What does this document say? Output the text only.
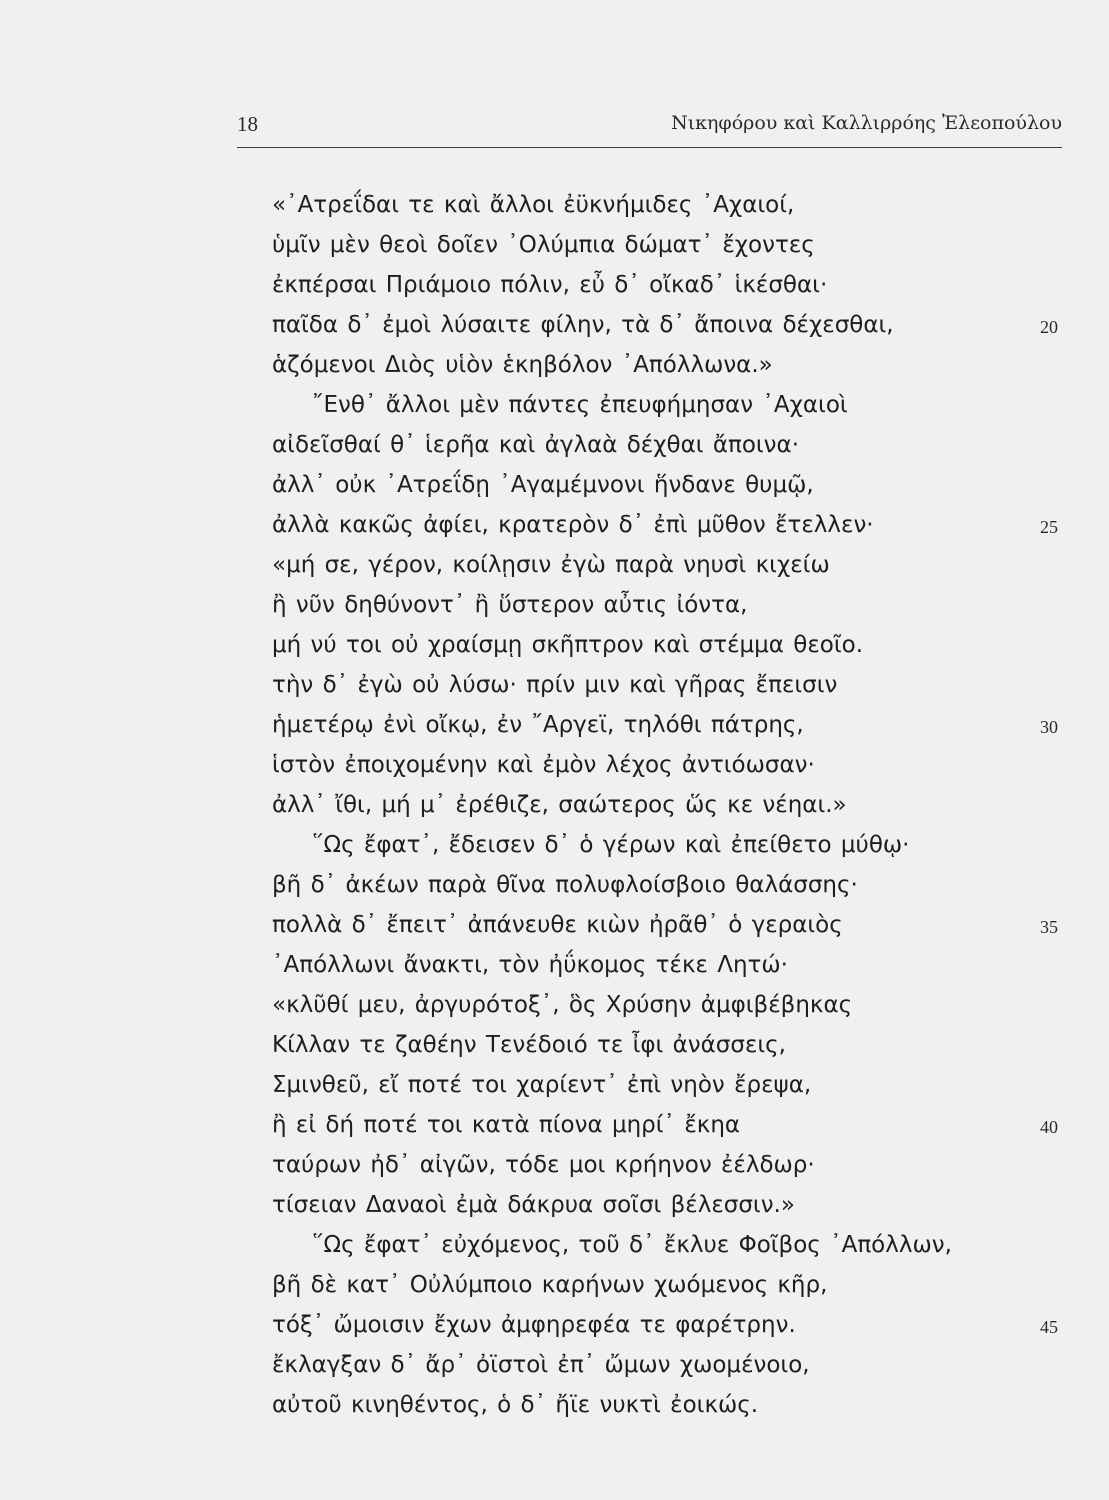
18	Νικηφόρου καὶ Καλλιρρόης Ἐλεοπούλου
«᾿Ατρεΐδαι τε καὶ ἄλλοι ἐϋκνήμιδες ᾿Αχαιοί,
ὑμῖν μὲν θεοὶ δοῖεν ᾿Ολύμπια δώματ᾿ ἔχοντες
ἐκπέρσαι Πριάμοιο πόλιν, εὖ δ᾿ οἴκαδ᾿ ἱκέσθαι·
παῖδα δ᾿ ἐμοὶ λύσαιτε φίλην, τὰ δ᾿ ἄποινα δέχεσθαι,	20
ἁζόμενοι Διὸς υἱὸν ἑκηβόλον ᾿Απόλλωνα.»
῎Ενθ᾿ ἄλλοι μὲν πάντες ἐπευφήμησαν ᾿Αχαιοὶ
αἰδεῖσθαί θ᾿ ἱερῆα καὶ ἀγλαὰ δέχθαι ἄποινα·
ἀλλ᾿ οὐκ ᾿Ατρεΐδῃ ᾿Αγαμέμνονι ἥνδανε θυμῷ,
ἀλλὰ κακῶς ἀφίει, κρατερὸν δ᾿ ἐπὶ μῦθον ἔτελλεν·	25
«μή σε, γέρον, κοίλῃσιν ἐγὼ παρὰ νηυσὶ κιχείω
ἢ νῦν δηθύνοντ᾿ ἢ ὕστερον αὖτις ἰόντα,
μή νύ τοι οὐ χραίσμῃ σκῆπτρον καὶ στέμμα θεοῖο.
τὴν δ᾿ ἐγὼ οὐ λύσω· πρίν μιν καὶ γῆρας ἔπεισιν
ἡμετέρῳ ἐνὶ οἴκῳ, ἐν ῎Αργεϊ, τηλόθι πάτρης,	30
ἱστὸν ἐποιχομένην καὶ ἐμὸν λέχος ἀντιόωσαν·
ἀλλ᾿ ἴθι, μή μ᾿ ἐρέθιζε, σαώτερος ὥς κε νέηαι.»
῞Ως ἔφατ᾿, ἔδεισεν δ᾿ ὁ γέρων καὶ ἐπείθετο μύθῳ·
βῆ δ᾿ ἀκέων παρὰ θῖνα πολυφλοίσβοιο θαλάσσης·
πολλὰ δ᾿ ἔπειτ᾿ ἀπάνευθε κιὼν ἠρᾶθ᾿ ὁ γεραιὸς	35
᾿Απόλλωνι ἄνακτι, τὸν ἠΰκομος τέκε Λητώ·
«κλῦθί μευ, ἀργυρότοξ᾿, ὃς Χρύσην ἀμφιβέβηκας
Κίλλαν τε ζαθέην Τενέδοιό τε ἶφι ἀνάσσεις,
Σμινθεῦ, εἴ ποτέ τοι χαρίεντ᾿ ἐπὶ νηὸν ἔρεψα,
ἢ εἰ δή ποτέ τοι κατὰ πίονα μηρί᾿ ἔκηα	40
ταύρων ἠδ᾿ αἰγῶν, τόδε μοι κρήηνον ἐέλδωρ·
τίσειαν Δαναοὶ ἐμὰ δάκρυα σοῖσι βέλεσσιν.»
῞Ως ἔφατ᾿ εὐχόμενος, τοῦ δ᾿ ἔκλυε Φοῖβος ᾿Απόλλων,
βῆ δὲ κατ᾿ Οὐλύμποιο καρήνων χωόμενος κῆρ,
τόξ᾿ ὤμοισιν ἔχων ἀμφηρεφέα τε φαρέτρην.	45
ἔκλαγξαν δ᾿ ἄρ᾿ ὀϊστοὶ ἐπ᾿ ὤμων χωομένοιο,
αὐτοῦ κινηθέντος, ὁ δ᾿ ἤϊε νυκτὶ ἐοικώς.
